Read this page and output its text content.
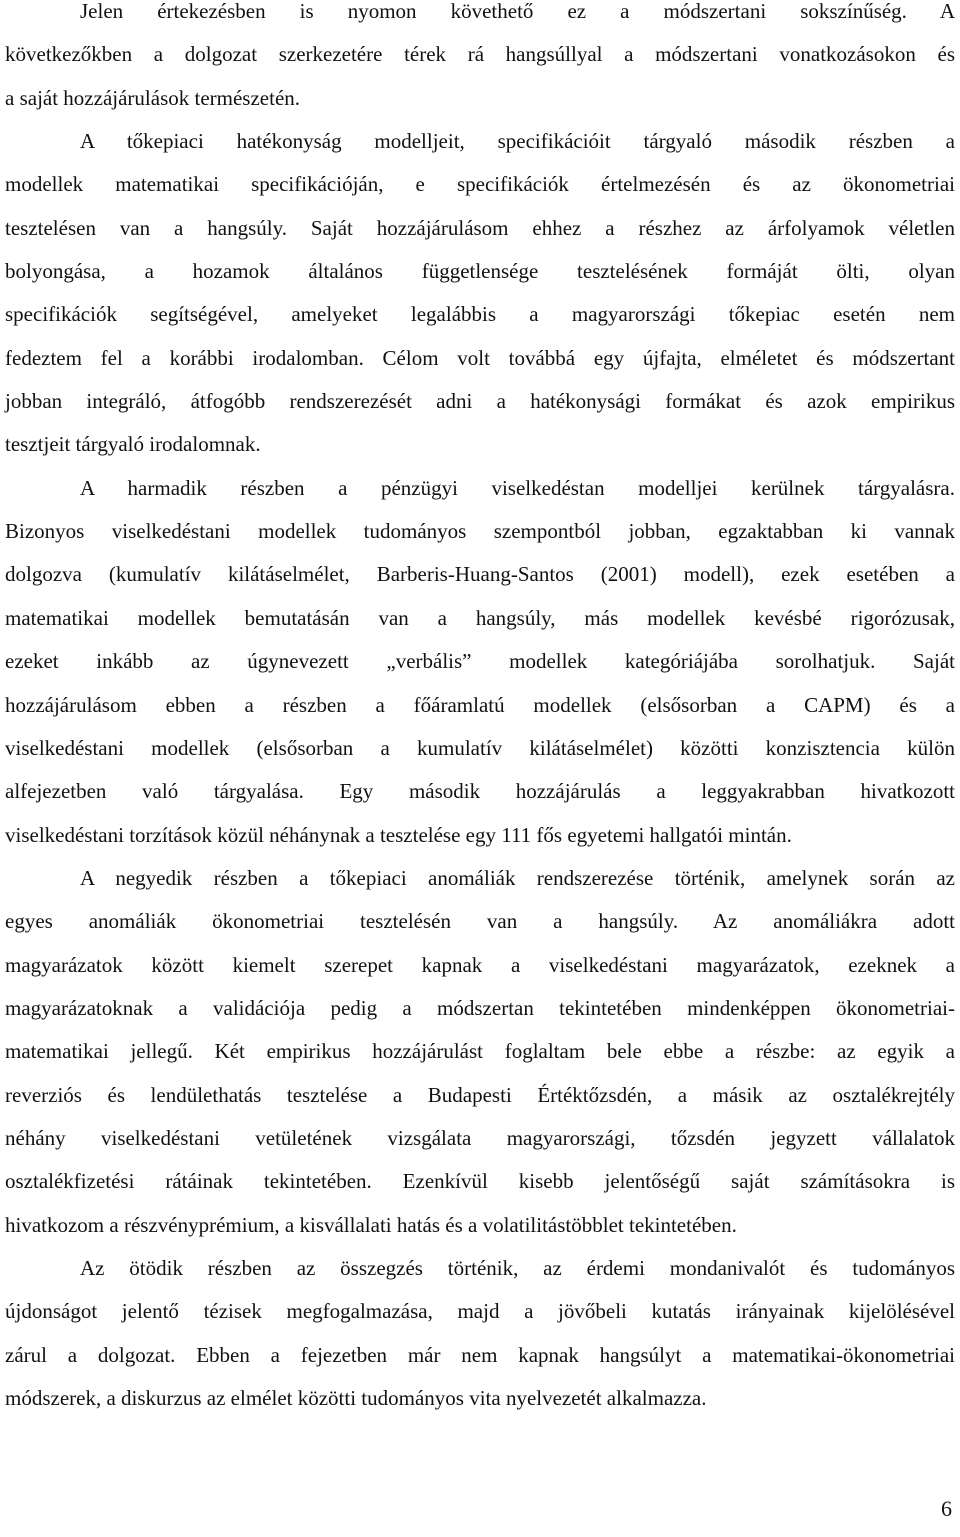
Jelen értekezésben is nyomon követhető ez a módszertani sokszínűség. A
következőkben a dolgozat szerkezetére térek rá hangsúllyal a módszertani vonatkozásokon és
a saját hozzájárulások természetén.
A tőkepiaci hatékonyság modelljeit, specifikációit tárgyaló második részben a
modellek matematikai specifikációján, e specifikációk értelmezésén és az ökonometriai
tesztelésen van a hangsúly. Saját hozzájárulásom ehhez a részhez az árfolyamok véletlen
bolyongása, a hozamok általános függetlensége tesztelésének formáját ölti, olyan
specifikációk segítségével, amelyeket legalábbis a magyarországi tőkepiac esetén nem
fedeztem fel a korábbi irodalomban. Célom volt továbbá egy újfajta, elméletet és módszertant
jobban integráló, átfogóbb rendszerezését adni a hatékonysági formákat és azok empirikus
tesztjeit tárgyaló irodalomnak.
A harmadik részben a pénzügyi viselkedéstan modelljei kerülnek tárgyalásra.
Bizonyos viselkedéstani modellek tudományos szempontból jobban, egzaktabban ki vannak
dolgozva (kumulatív kilátáselmélet, Barberis-Huang-Santos (2001) modell), ezek esetében a
matematikai modellek bemutatásán van a hangsúly, más modellek kevésbé rigorózusak,
ezeket inkább az úgynevezett „verbális” modellek kategóriájába sorolhatjuk. Saját
hozzájárulásom ebben a részben a főáramlatú modellek (elsősorban a CAPM) és a
viselkedéstani modellek (elsősorban a kumulatív kilátáselmélet) közötti konzisztencia külön
alfejezetben való tárgyalása. Egy második hozzájárulás a leggyakrabban hivatkozott
viselkedéstani torzítások közül néhánynak a tesztelése egy 111 fős egyetemi hallgatói mintán.
A negyedik részben a tőkepiaci anomáliák rendszerezése történik, amelynek során az
egyes anomáliák ökonometriai tesztelésén van a hangsúly. Az anomáliákra adott
magyarázatok között kiemelt szerepet kapnak a viselkedéstani magyarázatok, ezeknek a
magyarázatoknak a validációja pedig a módszertan tekintetében mindenképpen ökonometriai-
matematikai jellegű. Két empirikus hozzájárulást foglaltam bele ebbe a részbe: az egyik a
reverziós és lendülethatás tesztelése a Budapesti Értéktőzsdén, a másik az osztalékrejtély
néhány viselkedéstani vetületének vizsgálata magyarországi, tőzsdén jegyzett vállalatok
osztalékfizetési rátáinak tekintetében. Ezenkívül kisebb jelentőségű saját számításokra is
hivatkozom a részvényprémium, a kisvállalati hatás és a volatilitástöbblet tekintetében.
Az ötödik részben az összegzés történik, az érdemi mondanivalót és tudományos
újdonságot jelentő tézisek megfogalmazása, majd a jövőbeli kutatás irányainak kijelölésével
zárul a dolgozat. Ebben a fejezetben már nem kapnak hangsúlyt a matematikai-ökonometriai
módszerek, a diskurzus az elmélet közötti tudományos vita nyelvezetét alkalmazza.
6
